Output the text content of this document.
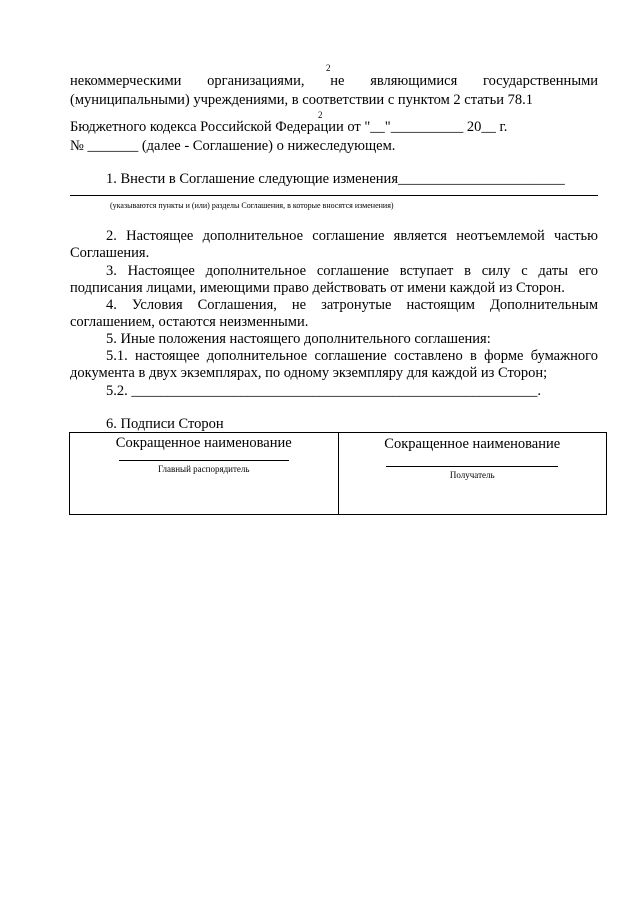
2
некоммерческими организациями, не являющимися государственными
(муниципальными) учреждениями, в соответствии с пунктом 2 статьи 78.1
2
Бюджетного кодекса Российской Федерации от "__"__________ 20__ г.
№ _______ (далее - Соглашение) о нижеследующем.
1. Внести в Соглашение следующие изменения_______________________
(указываются пункты и (или) разделы Соглашения, в которые вносятся изменения)
2. Настоящее дополнительное соглашение является неотъемлемой частью
Соглашения.
3. Настоящее дополнительное соглашение вступает в силу с даты его
подписания лицами, имеющими право действовать от имени каждой из Сторон.
4. Условия Соглашения, не затронутые настоящим Дополнительным
соглашением, остаются неизменными.
5. Иные положения настоящего дополнительного соглашения:
5.1. настоящее дополнительное соглашение составлено в форме бумажного
документа в двух экземплярах, по одному экземпляру для каждой из Сторон;
5.2. ________________________________________________________.
6. Подписи Сторон
Сокращенное наименование
Главный распорядитель

Сокращенное наименование
Получатель
